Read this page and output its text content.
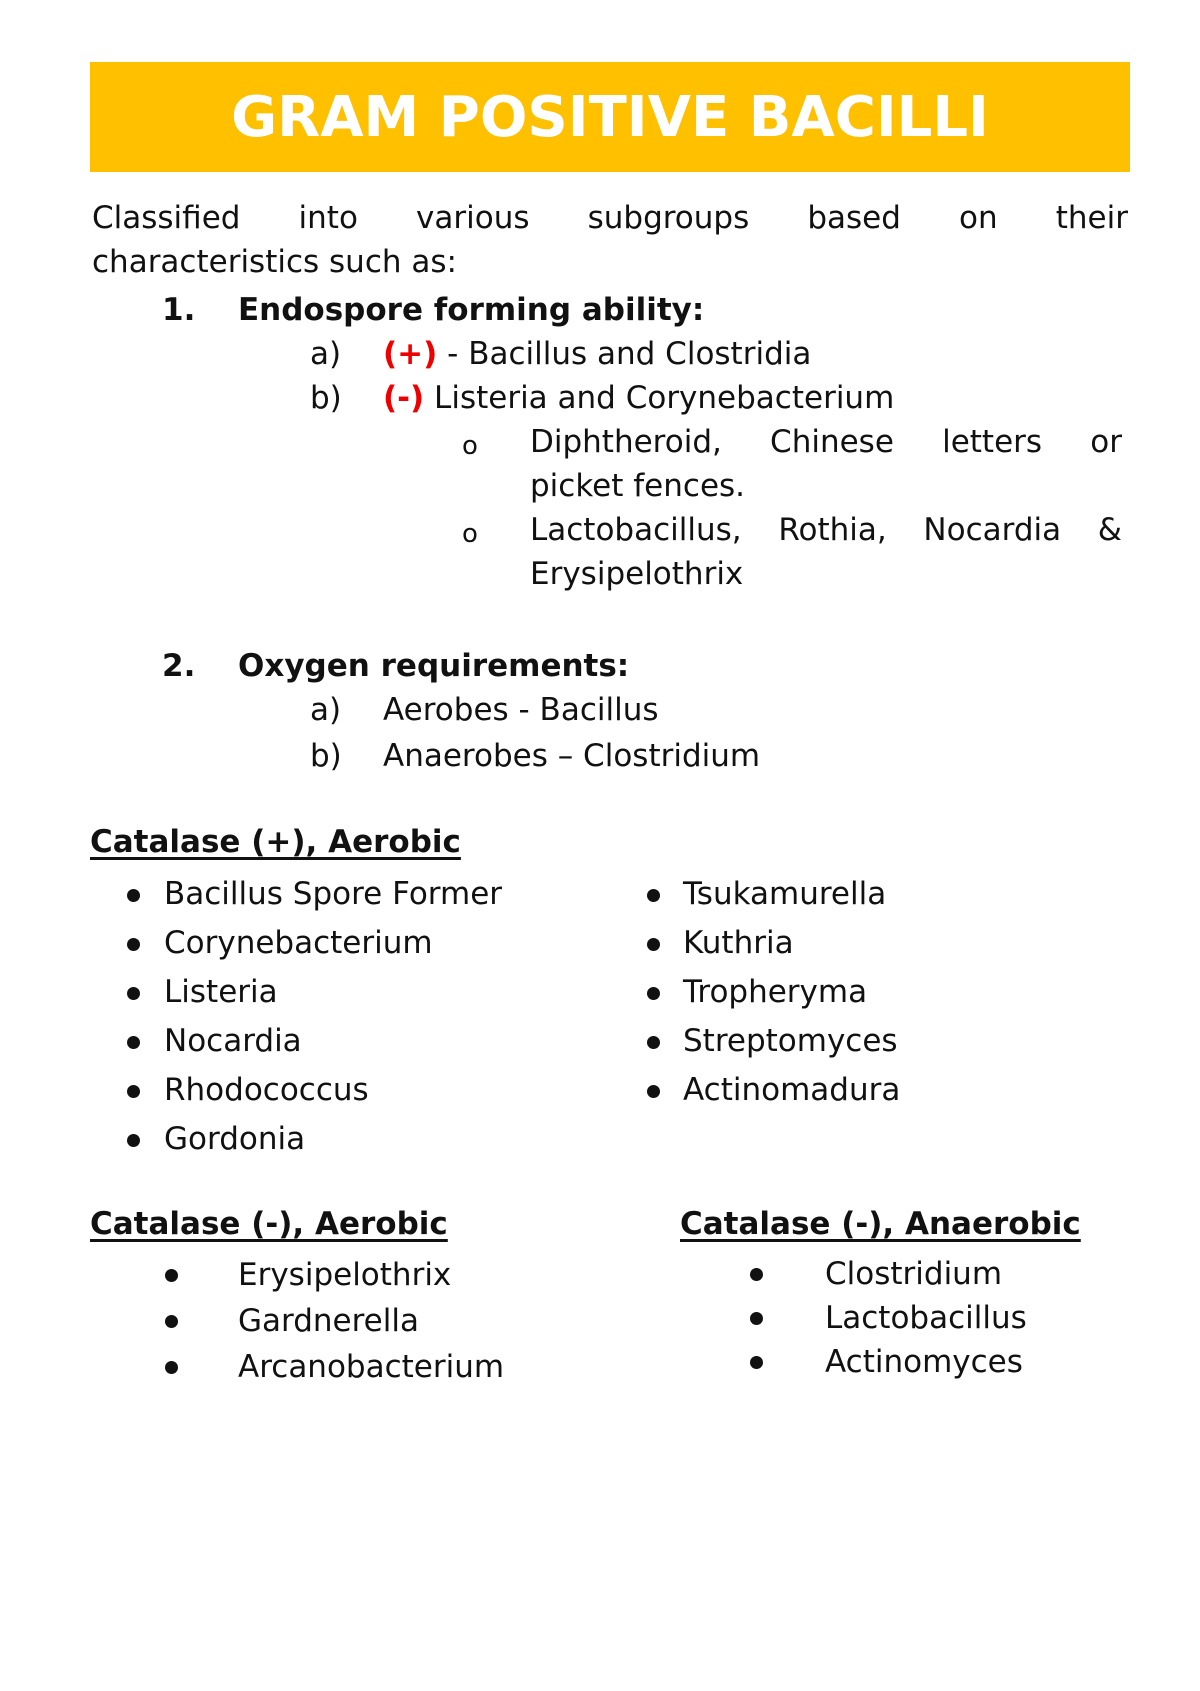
GRAM POSITIVE BACILLI
Classified into various subgroups based on their
characteristics such as:
1. Endospore forming ability:
a) (+) - Bacillus and Clostridia
b) (-) Listeria and Corynebacterium
o Diphtheroid, Chinese letters or
picket fences.
o Lactobacillus, Rothia, Nocardia &
Erysipelothrix
2. Oxygen requirements:
a) Aerobes - Bacillus
b) Anaerobes – Clostridium
Catalase (+), Aerobic
Bacillus Spore Former
Corynebacterium
Listeria
Nocardia
Rhodococcus
Gordonia
Tsukamurella
Kuthria
Tropheryma
Streptomyces
Actinomadura
Catalase (-), Aerobic
Erysipelothrix
Gardnerella
Arcanobacterium
Catalase (-), Anaerobic
Clostridium
Lactobacillus
Actinomyces
